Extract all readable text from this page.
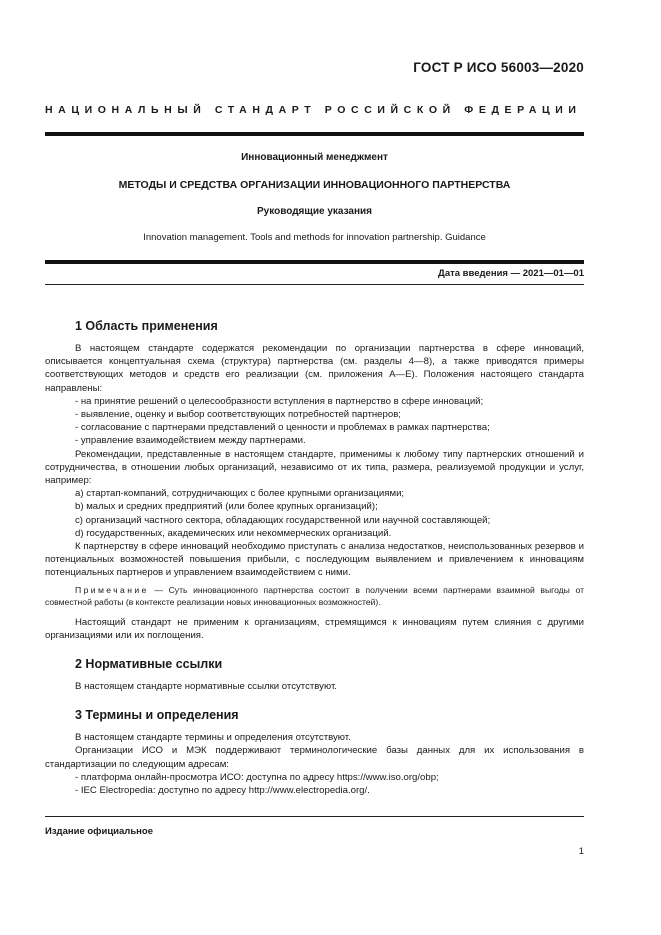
ГОСТ Р ИСО 56003—2020
НАЦИОНАЛЬНЫЙ СТАНДАРТ РОССИЙСКОЙ ФЕДЕРАЦИИ
Инновационный менеджмент
МЕТОДЫ И СРЕДСТВА ОРГАНИЗАЦИИ ИННОВАЦИОННОГО ПАРТНЕРСТВА
Руководящие указания
Innovation management. Tools and methods for innovation partnership. Guidance
Дата введения — 2021—01—01
1 Область применения

В настоящем стандарте содержатся рекомендации по организации партнерства в сфере инноваций, описывается концептуальная схема (структура) партнерства (см. разделы 4—8), а также приводятся примеры соответствующих методов и средств его реализации (см. приложения А—Е). Положения настоящего стандарта направлены:

- на принятие решений о целесообразности вступления в партнерство в сфере инноваций;

- выявление, оценку и выбор соответствующих потребностей партнеров;

- согласование с партнерами представлений о ценности и проблемах в рамках партнерства;

- управление взаимодействием между партнерами.

Рекомендации, представленные в настоящем стандарте, применимы к любому типу партнерских отношений и сотрудничества, в отношении любых организаций, независимо от их типа, размера, реализуемой продукции и услуг, например:

a) стартап-компаний, сотрудничающих с более крупными организациями;

b) малых и средних предприятий (или более крупных организаций);

c) организаций частного сектора, обладающих государственной или научной составляющей;

d) государственных, академических или некоммерческих организаций.

К партнерству в сфере инноваций необходимо приступать с анализа недостатков, неиспользованных резервов и потенциальных возможностей повышения прибыли, с последующим выявлением и привлечением к инновациям потенциальных партнеров и управлением взаимодействием с ними.

Примечание — Суть инновационного партнерства состоит в получении всеми партнерами взаимной выгоды от совместной работы (в контексте реализации новых инновационных возможностей).

Настоящий стандарт не применим к организациям, стремящимся к инновациям путем слияния с другими организациями или их поглощения.

2 Нормативные ссылки

В настоящем стандарте нормативные ссылки отсутствуют.

3 Термины и определения

В настоящем стандарте термины и определения отсутствуют.

Организации ИСО и МЭК поддерживают терминологические базы данных для их использования в стандартизации по следующим адресам:

- платформа онлайн-просмотра ИСО: доступна по адресу https://www.iso.org/obp;

- IEC Electropedia: доступно по адресу http://www.electropedia.org/.

Издание официальное
1
